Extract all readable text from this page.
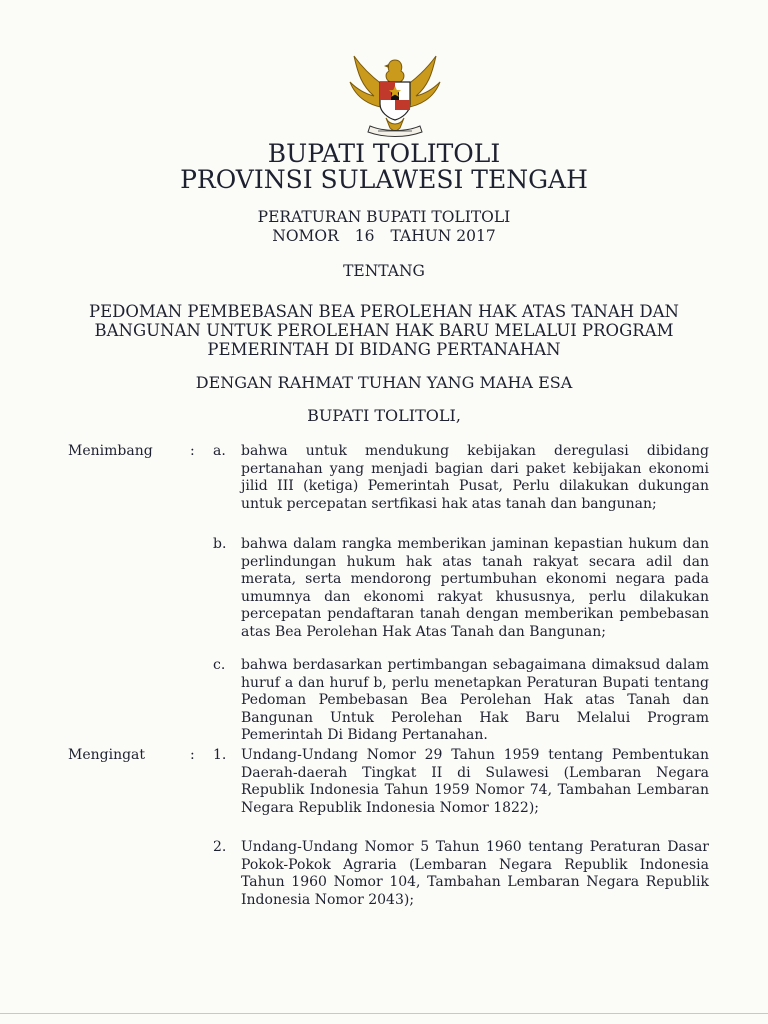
BUPATI TOLITOLI
PROVINSI SULAWESI TENGAH
PERATURAN BUPATI TOLITOLI
NOMOR 16 TAHUN 2017
TENTANG
PEDOMAN PEMBEBASAN BEA PEROLEHAN HAK ATAS TANAH DAN
BANGUNAN UNTUK PEROLEHAN HAK BARU MELALUI PROGRAM
PEMERINTAH DI BIDANG PERTANAHAN
DENGAN RAHMAT TUHAN YANG MAHA ESA
BUPATI TOLITOLI,
Menimbang	: a. bahwa untuk mendukung kebijakan deregulasi dibidang pertanahan yang menjadi bagian dari paket kebijakan ekonomi jilid III (ketiga) Pemerintah Pusat, Perlu dilakukan dukungan untuk percepatan sertfikasi hak atas tanah dan bangunan;
b. bahwa dalam rangka memberikan jaminan kepastian hukum dan perlindungan hukum hak atas tanah rakyat secara adil dan merata, serta mendorong pertumbuhan ekonomi negara pada umumnya dan ekonomi rakyat khususnya, perlu dilakukan percepatan pendaftaran tanah dengan memberikan pembebasan atas Bea Perolehan Hak Atas Tanah dan Bangunan;
c. bahwa berdasarkan pertimbangan sebagaimana dimaksud dalam huruf a dan huruf b, perlu menetapkan Peraturan Bupati tentang Pedoman Pembebasan Bea Perolehan Hak atas Tanah dan Bangunan Untuk Perolehan Hak Baru Melalui Program Pemerintah Di Bidang Pertanahan.
Mengingat	: 1. Undang-Undang Nomor 29 Tahun 1959 tentang Pembentukan Daerah-daerah Tingkat II di Sulawesi (Lembaran Negara Republik Indonesia Tahun 1959 Nomor 74, Tambahan Lembaran Negara Republik Indonesia Nomor 1822);
2. Undang-Undang Nomor 5 Tahun 1960 tentang Peraturan Dasar Pokok-Pokok Agraria (Lembaran Negara Republik Indonesia Tahun 1960 Nomor 104, Tambahan Lembaran Negara Republik Indonesia Nomor 2043);
